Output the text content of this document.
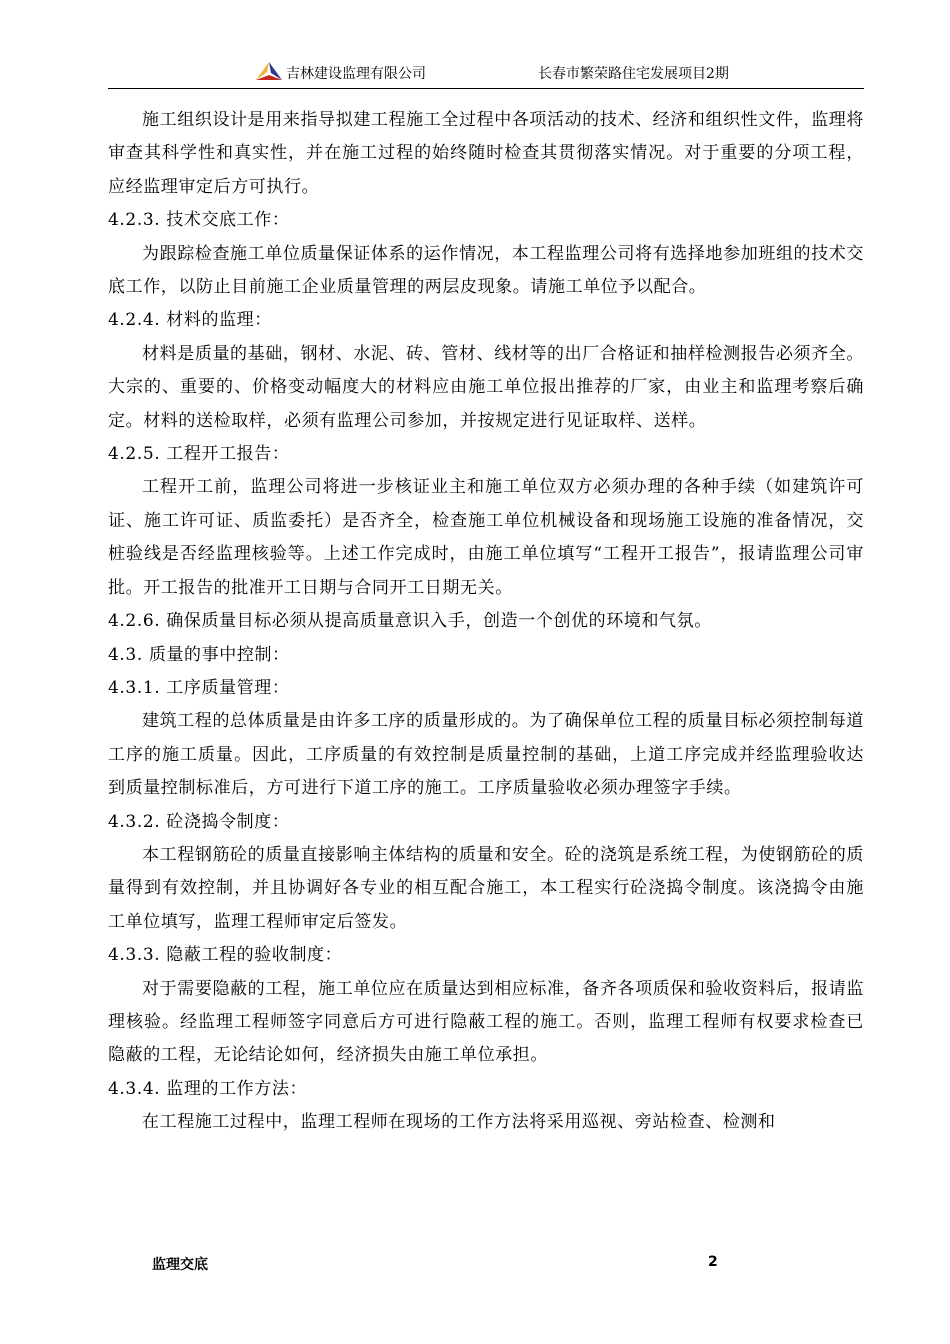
吉林建设监理有限公司	长春市繁荣路住宅发展项目2期

施工组织设计是用来指导拟建工程施工全过程中各项活动的技术、经济和组织性文件，监理将审查其科学性和真实性，并在施工过程的始终随时检查其贯彻落实情况。对于重要的分项工程，应经监理审定后方可执行。

4.2.3. 技术交底工作：

为跟踪检查施工单位质量保证体系的运作情况，本工程监理公司将有选择地参加班组的技术交底工作，以防止目前施工企业质量管理的两层皮现象。请施工单位予以配合。

4.2.4. 材料的监理：

材料是质量的基础，钢材、水泥、砖、管材、线材等的出厂合格证和抽样检测报告必须齐全。大宗的、重要的、价格变动幅度大的材料应由施工单位报出推荐的厂家，由业主和监理考察后确定。材料的送检取样，必须有监理公司参加，并按规定进行见证取样、送样。

4.2.5. 工程开工报告：

工程开工前，监理公司将进一步核证业主和施工单位双方必须办理的各种手续（如建筑许可证、施工许可证、质监委托）是否齐全，检查施工单位机械设备和现场施工设施的准备情况，交桩验线是否经监理核验等。上述工作完成时，由施工单位填写“工程开工报告”，报请监理公司审批。开工报告的批准开工日期与合同开工日期无关。

4.2.6. 确保质量目标必须从提高质量意识入手，创造一个创优的环境和气氛。

4.3. 质量的事中控制：

4.3.1. 工序质量管理：

建筑工程的总体质量是由许多工序的质量形成的。为了确保单位工程的质量目标必须控制每道工序的施工质量。因此，工序质量的有效控制是质量控制的基础，上道工序完成并经监理验收达到质量控制标准后，方可进行下道工序的施工。工序质量验收必须办理签字手续。

4.3.2. 砼浇捣令制度：

本工程钢筋砼的质量直接影响主体结构的质量和安全。砼的浇筑是系统工程，为使钢筋砼的质量得到有效控制，并且协调好各专业的相互配合施工，本工程实行砼浇捣令制度。该浇捣令由施工单位填写，监理工程师审定后签发。

4.3.3. 隐蔽工程的验收制度：

对于需要隐蔽的工程，施工单位应在质量达到相应标准，备齐各项质保和验收资料后，报请监理核验。经监理工程师签字同意后方可进行隐蔽工程的施工。否则，监理工程师有权要求检查已隐蔽的工程，无论结论如何，经济损失由施工单位承担。

4.3.4. 监理的工作方法：

在工程施工过程中，监理工程师在现场的工作方法将采用巡视、旁站检查、检测和

监理交底	2
